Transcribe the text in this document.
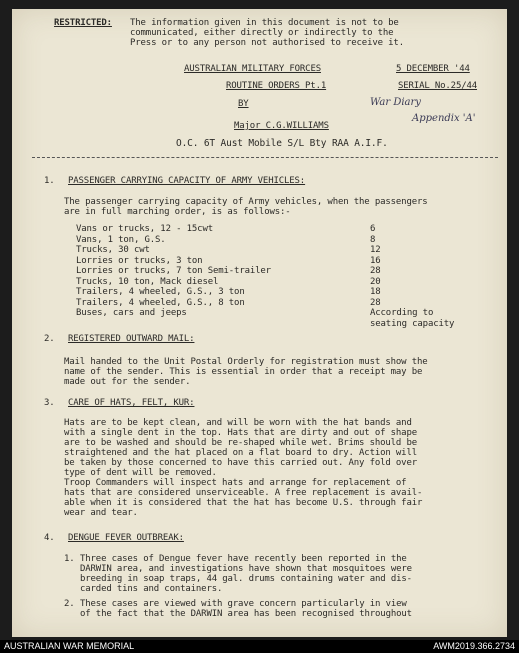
RESTRICTED: The information given in this document is not to be
communicated, either directly or indirectly to the
Press or to any person not authorised to receive it.
AUSTRALIAN MILITARY FORCES	5 DECEMBER '44
ROUTINE ORDERS Pt.1	SERIAL No.25/44
War Diary
Appendix 'A'
BY
Major C.G.WILLIAMS
O.C. 6T Aust Mobile S/L Bty RAA A.I.F.
1. PASSENGER CARRYING CAPACITY OF ARMY VEHICLES:
The passenger carrying capacity of Army vehicles, when the passengers
are in full marching order, is as follows:-
Vans or trucks, 12 - 15cwt	6
Vans, 1 ton, G.S.	8
Trucks, 30 cwt	12
Lorries or trucks, 3 ton	16
Lorries or trucks, 7 ton Semi-trailer	28
Trucks, 10 ton, Mack diesel	20
Trailers, 4 wheeled, G.S., 3 ton	18
Trailers, 4 wheeled, G.S., 8 ton	28
Buses, cars and jeeps	According to
seating capacity
2. REGISTERED OUTWARD MAIL:
Mail handed to the Unit Postal Orderly for registration must show the
name of the sender. This is essential in order that a receipt may be
made out for the sender.
3. CARE OF HATS, FELT, KUR:
Hats are to be kept clean, and will be worn with the hat bands and
with a single dent in the top. Hats that are dirty and out of shape
are to be washed and should be re-shaped while wet. Brims should be
straightened and the hat placed on a flat board to dry. Action will
be taken by those concerned to have this carried out. Any fold over
type of dent will be removed.
Troop Commanders will inspect hats and arrange for replacement of
hats that are considered unserviceable. A free replacement is avail-
able when it is considered that the hat has become U.S. through fair
wear and tear.
4. DENGUE FEVER OUTBREAK:
1. Three cases of Dengue fever have recently been reported in the
DARWIN area, and investigations have shown that mosquitoes were
breeding in soap traps, 44 gal. drums containing water and dis-
carded tins and containers.
2. These cases are viewed with grave concern particularly in view
of the fact that the DARWIN area has been recognised throughout
AUSTRALIAN WAR MEMORIAL	AWM2019.366.2734
